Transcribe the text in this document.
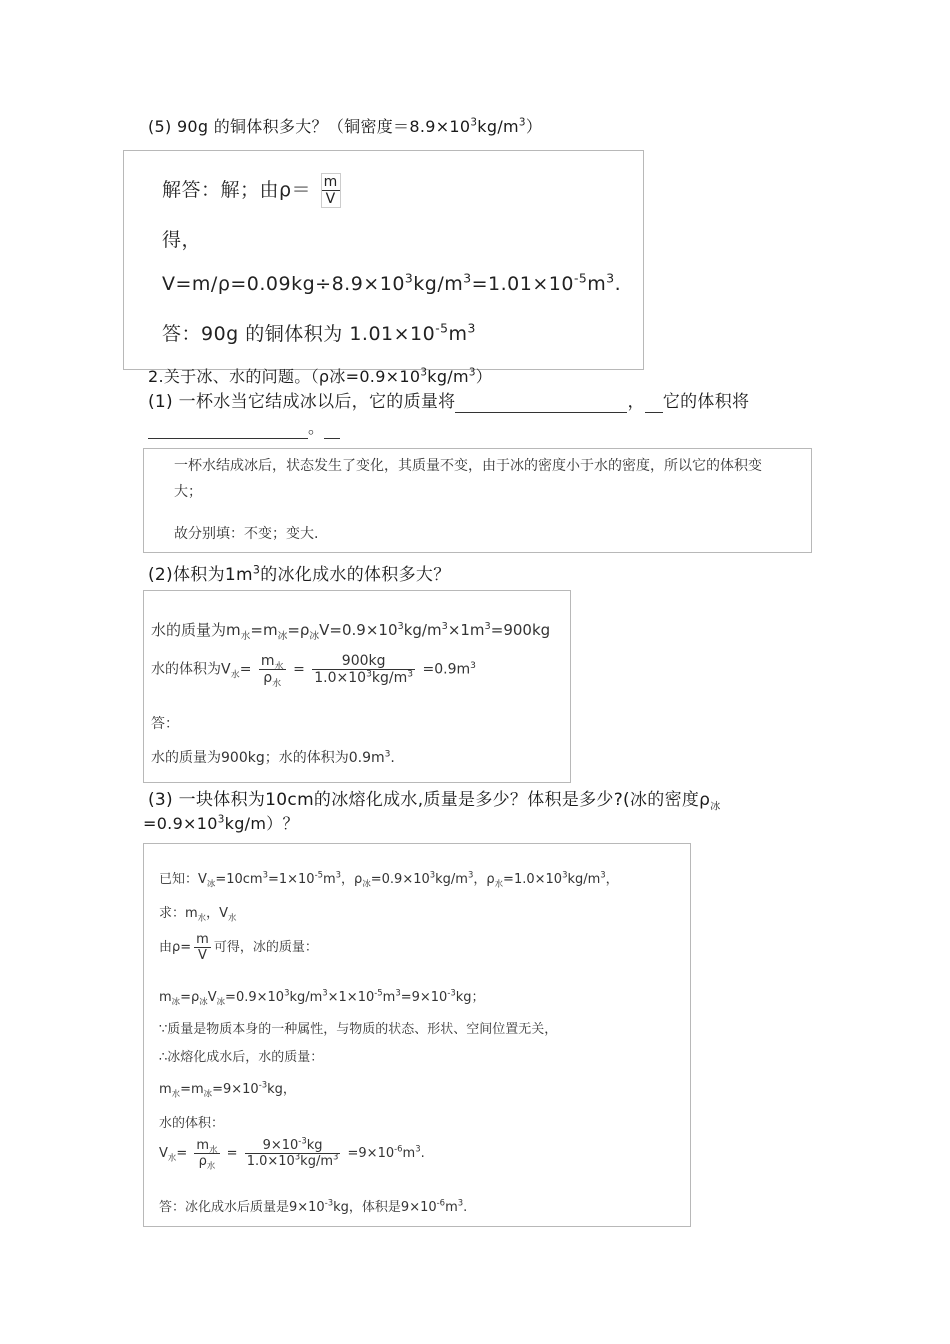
(5) 90g 的铜体积多大？（铜密度$=8.9\times 10^3kg/m^3$）
解答：解；由$\rho= \frac{m}{V}$
得，
$V=m/\rho=0.09kg\div 8.9\times 10^3kg/m^3=1.01\times 10^{-5}m^3$.
答：90g 的铜体积为 $1.01\times 10^{-5}m^3$
2.关于冰、水的问题。（ρ冰$=0.9\times 10^3kg/m^3$）
(1) 一杯水当它结成冰以后，它的质量将	， 它的体积将
。
一杯水结成冰后，状态发生了变化，其质量不变，由于冰的密度小于水的密度，所以它的体积变
大；
故分别填：不变；变大.
(2)体积为$1m^3$的冰化成水的体积多大？
水的质量为$m_水=m_冰=\rho_冰V=0.9\times 10^3kg/m^3\times 1m^3=900kg$
水的体积为$V_水= \frac{m_水}{\rho_水} = \frac{900kg}{1.0\times 10^3kg/m^3} =0.9m^3$
答：
水的质量为900kg；水的体积为$0.9m^3$.
(3) 一块体积为10cm的冰熔化成水,质量是多少？体积是多少?(冰的密度$\rho_冰$
$=0.9\times 10^3kg/m$）？
已知：$V_冰=10cm^3=1\times 10^{-5}m^3$，$\rho_冰=0.9\times 10^3kg/m^3$，$\rho_水=1.0\times 10^3kg/m^3$，
求：$m_水$，$V_水$
由$\rho= \frac{m}{V}$ 可得，冰的质量：
$m_冰=\rho_冰V_冰=0.9\times 10^3kg/m^3\times 1\times 10^{-5}m^3=9\times 10^{-3}kg$；
∵质量是物质本身的一种属性，与物质的状态、形状、空间位置无关，
∴冰熔化成水后，水的质量：
$m_水=m_冰=9\times 10^{-3}kg$，
水的体积：
$V_水= \frac{m_水}{\rho_水} = \frac{9\times 10^{-3}kg}{1.0\times 10^3kg/m^3} =9\times 10^{-6}m^3$.
答：冰化成水后质量是$9\times 10^{-3}kg$，体积是$9\times 10^{-6}m^3$.
